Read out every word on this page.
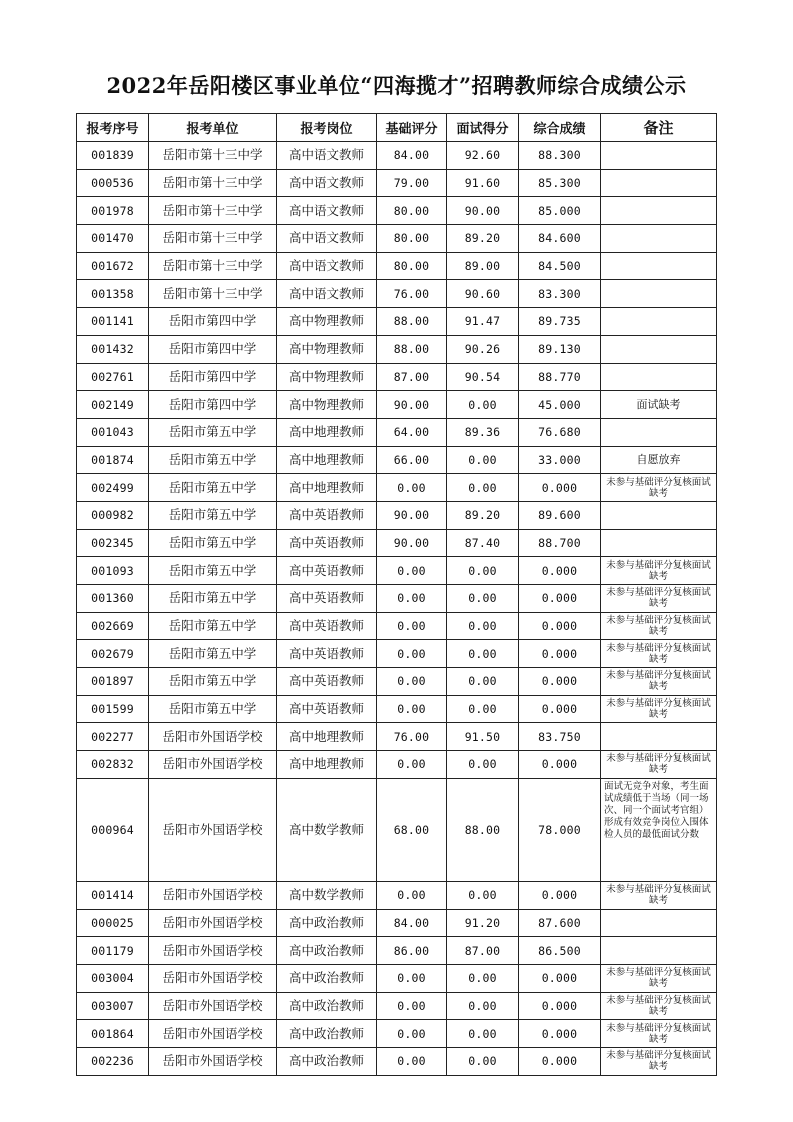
2022年岳阳楼区事业单位“四海揽才”招聘教师综合成绩公示
报考序号	报考单位	报考岗位	基础评分	面试得分	综合成绩	备注
001839	岳阳市第十三中学	高中语文教师	84.00	92.60	88.300	
000536	岳阳市第十三中学	高中语文教师	79.00	91.60	85.300	
001978	岳阳市第十三中学	高中语文教师	80.00	90.00	85.000	
001470	岳阳市第十三中学	高中语文教师	80.00	89.20	84.600	
001672	岳阳市第十三中学	高中语文教师	80.00	89.00	84.500	
001358	岳阳市第十三中学	高中语文教师	76.00	90.60	83.300	
001141	岳阳市第四中学	高中物理教师	88.00	91.47	89.735	
001432	岳阳市第四中学	高中物理教师	88.00	90.26	89.130	
002761	岳阳市第四中学	高中物理教师	87.00	90.54	88.770	
002149	岳阳市第四中学	高中物理教师	90.00	0.00	45.000	面试缺考
001043	岳阳市第五中学	高中地理教师	64.00	89.36	76.680	
001874	岳阳市第五中学	高中地理教师	66.00	0.00	33.000	自愿放弃
002499	岳阳市第五中学	高中地理教师	0.00	0.00	0.000	未参与基础评分复核面试缺考
000982	岳阳市第五中学	高中英语教师	90.00	89.20	89.600	
002345	岳阳市第五中学	高中英语教师	90.00	87.40	88.700	
001093	岳阳市第五中学	高中英语教师	0.00	0.00	0.000	未参与基础评分复核面试缺考
001360	岳阳市第五中学	高中英语教师	0.00	0.00	0.000	未参与基础评分复核面试缺考
002669	岳阳市第五中学	高中英语教师	0.00	0.00	0.000	未参与基础评分复核面试缺考
002679	岳阳市第五中学	高中英语教师	0.00	0.00	0.000	未参与基础评分复核面试缺考
001897	岳阳市第五中学	高中英语教师	0.00	0.00	0.000	未参与基础评分复核面试缺考
001599	岳阳市第五中学	高中英语教师	0.00	0.00	0.000	未参与基础评分复核面试缺考
002277	岳阳市外国语学校	高中地理教师	76.00	91.50	83.750	
002832	岳阳市外国语学校	高中地理教师	0.00	0.00	0.000	未参与基础评分复核面试缺考
000964	岳阳市外国语学校	高中数学教师	68.00	88.00	78.000	面试无竞争对象，考生面试成绩低于当场（同一场次、同一个面试考官组）形成有效竞争岗位入围体检人员的最低面试分数
001414	岳阳市外国语学校	高中数学教师	0.00	0.00	0.000	未参与基础评分复核面试缺考
000025	岳阳市外国语学校	高中政治教师	84.00	91.20	87.600	
001179	岳阳市外国语学校	高中政治教师	86.00	87.00	86.500	
003004	岳阳市外国语学校	高中政治教师	0.00	0.00	0.000	未参与基础评分复核面试缺考
003007	岳阳市外国语学校	高中政治教师	0.00	0.00	0.000	未参与基础评分复核面试缺考
001864	岳阳市外国语学校	高中政治教师	0.00	0.00	0.000	未参与基础评分复核面试缺考
002236	岳阳市外国语学校	高中政治教师	0.00	0.00	0.000	未参与基础评分复核面试缺考
